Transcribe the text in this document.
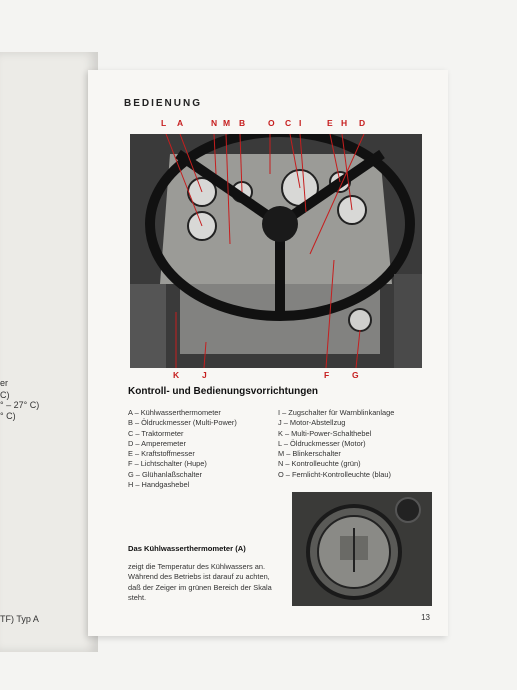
er
C)
° – 27° C)
° C)
TF) Typ A
BEDIENUNG
L A	N M B	O C I	E H D
K	J	F	G
Kontroll- und Bedienungsvorrichtungen
A – Kühlwasserthermometer
B – Öldruckmesser (Multi-Power)
C – Traktormeter
D – Amperemeter
E – Kraftstoffmesser
F – Lichtschalter (Hupe)
G – Glühanlaßschalter
H – Handgashebel
I – Zugschalter für Warnblinkanlage
J – Motor-Abstellzug
K – Multi-Power-Schalthebel
L – Öldruckmesser (Motor)
M – Blinkerschalter
N – Kontrolleuchte (grün)
O – Fernlicht-Kontrolleuchte (blau)
Das Kühlwasserthermometer (A)
zeigt die Temperatur des Kühlwassers an. Während des Betriebs ist darauf zu achten, daß der Zeiger im grünen Bereich der Skala steht.
13
